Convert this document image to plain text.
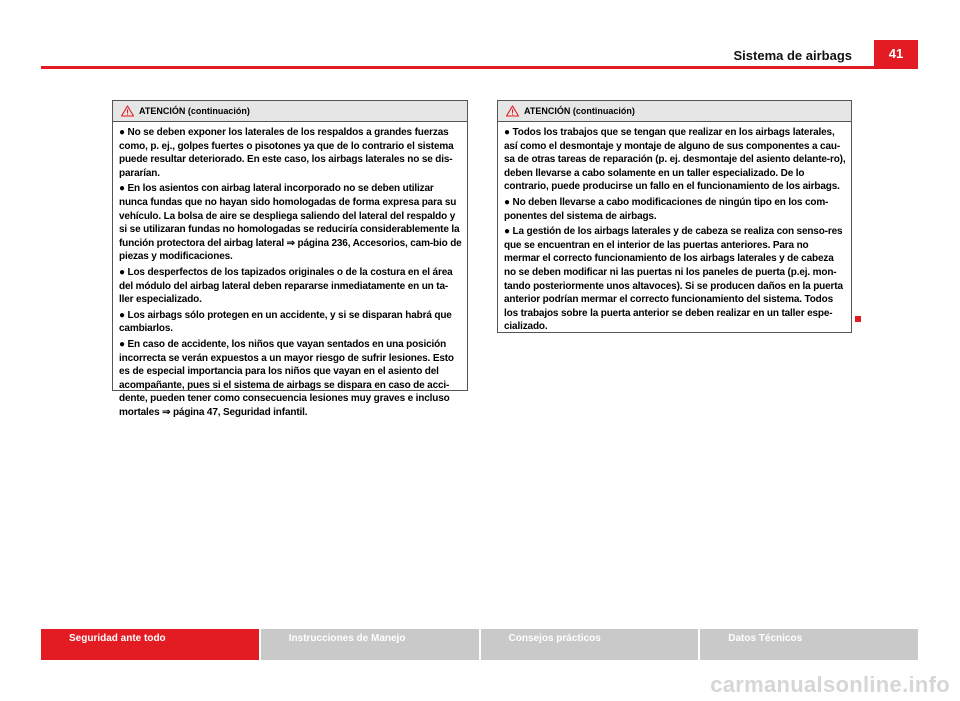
Sistema de airbags	41
ATENCIÓN (continuación)

● No se deben exponer los laterales de los respaldos a grandes fuerzas como, p. ej., golpes fuertes o pisotones ya que de lo contrario el sistema puede resultar deteriorado. En este caso, los airbags laterales no se dis-pararían.

● En los asientos con airbag lateral incorporado no se deben utilizar nunca fundas que no hayan sido homologadas de forma expresa para su vehículo. La bolsa de aire se despliega saliendo del lateral del respaldo y si se utilizaran fundas no homologadas se reduciría considerablemente la función protectora del airbag lateral ⇒ página 236, Accesorios, cam-bio de piezas y modificaciones.

● Los desperfectos de los tapizados originales o de la costura en el área del módulo del airbag lateral deben repararse inmediatamente en un ta-ller especializado.

● Los airbags sólo protegen en un accidente, y si se disparan habrá que cambiarlos.

● En caso de accidente, los niños que vayan sentados en una posición incorrecta se verán expuestos a un mayor riesgo de sufrir lesiones. Esto es de especial importancia para los niños que vayan en el asiento del acompañante, pues si el sistema de airbags se dispara en caso de acci-dente, pueden tener como consecuencia lesiones muy graves e incluso mortales ⇒ página 47, Seguridad infantil.

ATENCIÓN (continuación)

● Todos los trabajos que se tengan que realizar en los airbags laterales, así como el desmontaje y montaje de alguno de sus componentes a cau-sa de otras tareas de reparación (p. ej. desmontaje del asiento delante-ro), deben llevarse a cabo solamente en un taller especializado. De lo contrario, puede producirse un fallo en el funcionamiento de los airbags.

● No deben llevarse a cabo modificaciones de ningún tipo en los com-ponentes del sistema de airbags.

● La gestión de los airbags laterales y de cabeza se realiza con senso-res que se encuentran en el interior de las puertas anteriores. Para no mermar el correcto funcionamiento de los airbags laterales y de cabeza no se deben modificar ni las puertas ni los paneles de puerta (p.ej. mon-tando posteriormente unos altavoces). Si se producen daños en la puerta anterior podrían mermar el correcto funcionamiento del sistema. Todos los trabajos sobre la puerta anterior se deben realizar en un taller espe-cializado.

Seguridad ante todo	Instrucciones de Manejo	Consejos prácticos	Datos Técnicos
carmanualsonline.info
